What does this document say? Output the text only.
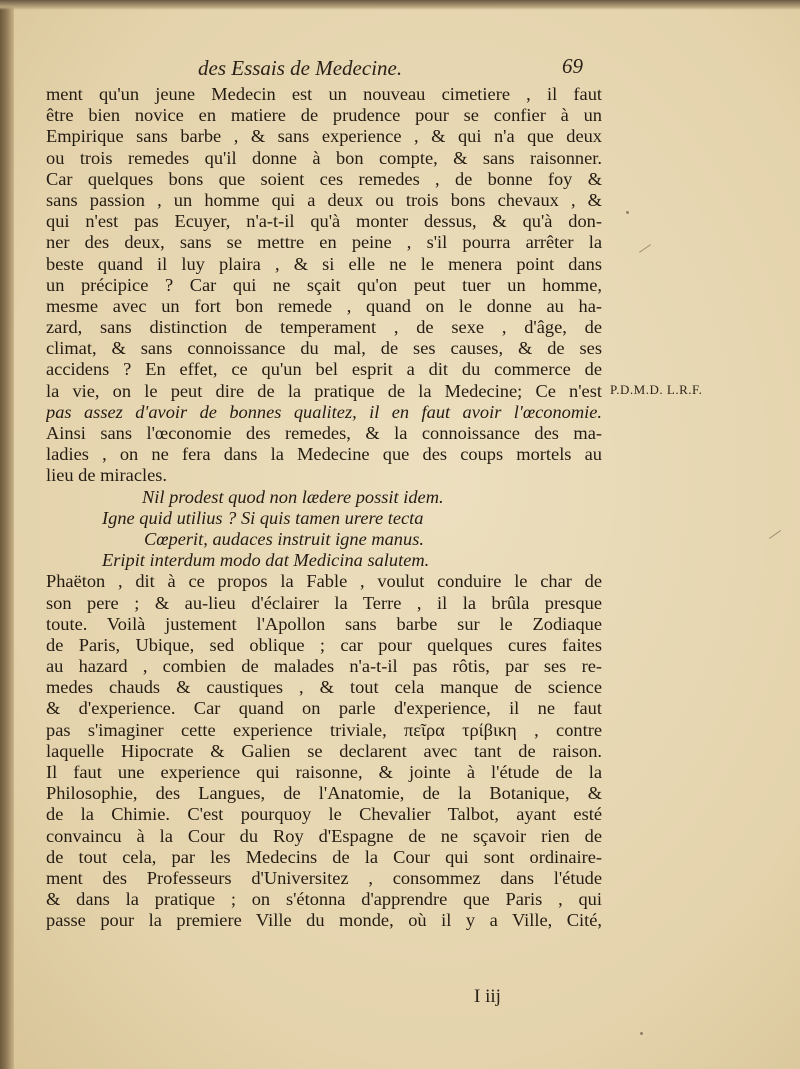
des Essais de Medecine.	69
ment qu'un jeune Medecin est un nouveau cimetiere , il faut
être bien novice en matiere de prudence pour se confier à un
Empirique sans barbe , & sans experience , & qui n'a que deux
ou trois remedes qu'il donne à bon compte, & sans raisonner.
Car quelques bons que soient ces remedes , de bonne foy &
sans passion , un homme qui a deux ou trois bons chevaux , &
qui n'est pas Ecuyer, n'a-t-il qu'à monter dessus, & qu'à don-
ner des deux, sans se mettre en peine , s'il pourra arrêter la
beste quand il luy plaira , & si elle ne le menera point dans
un précipice ? Car qui ne sçait qu'on peut tuer un homme,
mesme avec un fort bon remede , quand on le donne au ha-
zard, sans distinction de temperament , de sexe , d'âge, de
climat, & sans connoissance du mal, de ses causes, & de ses
accidens ? En effet, ce qu'un bel esprit a dit du commerce de
la vie, on le peut dire de la pratique de la Medecine; Ce n'est
pas assez d'avoir de bonnes qualitez, il en faut avoir l'œconomie.
Ainsi sans l'œconomie des remedes, & la connoissance des ma-
ladies , on ne fera dans la Medecine que des coups mortels au
lieu de miracles.
Nil prodest quod non lædere possit idem.
Igne quid utilius ? Si quis tamen urere tecta
Cœperit, audaces instruit igne manus.
Eripit interdum modo dat Medicina salutem.
Phaëton , dit à ce propos la Fable , voulut conduire le char de
son pere ; & au-lieu d'éclairer la Terre , il la brûla presque
toute. Voilà justement l'Apollon sans barbe sur le Zodiaque
de Paris, Ubique, sed oblique ; car pour quelques cures faites
au hazard , combien de malades n'a-t-il pas rôtis, par ses re-
medes chauds & caustiques , & tout cela manque de science
& d'experience. Car quand on parle d'experience, il ne faut
pas s'imaginer cette experience triviale, πεῖρα τρίβικη , contre
laquelle Hipocrate & Galien se declarent avec tant de raison.
Il faut une experience qui raisonne, & jointe à l'étude de la
Philosophie, des Langues, de l'Anatomie, de la Botanique, &
de la Chimie. C'est pourquoy le Chevalier Talbot, ayant esté
convaincu à la Cour du Roy d'Espagne de ne sçavoir rien de
de tout cela, par les Medecins de la Cour qui sont ordinaire-
ment des Professeurs d'Universitez , consommez dans l'étude
& dans la pratique ; on s'étonna d'apprendre que Paris , qui
passe pour la premiere Ville du monde, où il y a Ville, Cité,
P.D.M.D. L.R.F.
I iij
